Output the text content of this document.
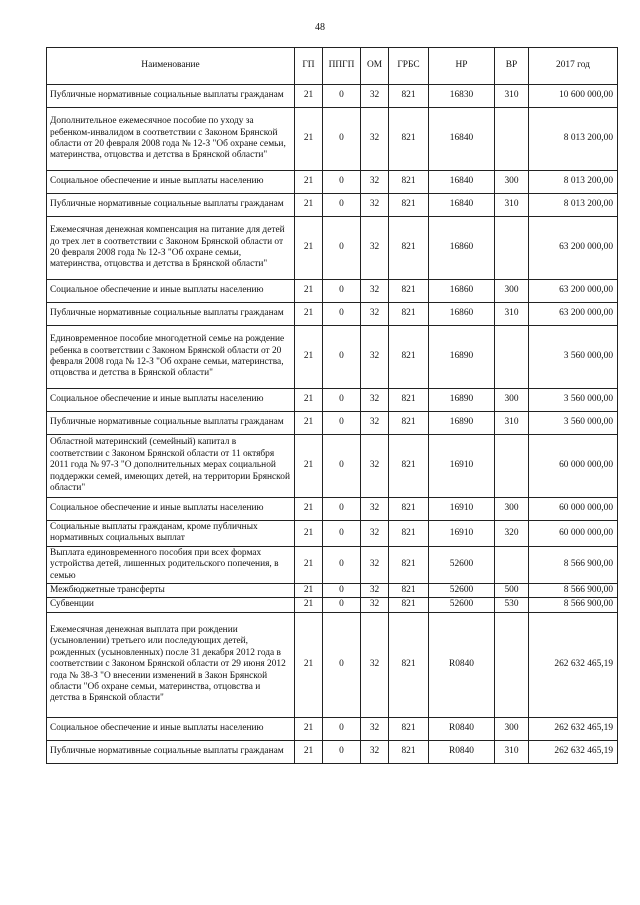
48
Наименование	ГП	ППГП	ОМ	ГРБС	НР	ВР	2017 год
Публичные нормативные социальные выплаты гражданам	21	0	32	821	16830	310	10 600 000,00
Дополнительное ежемесячное пособие по уходу за ребенком-инвалидом в соответствии с Законом Брянской области от 20 февраля 2008 года № 12-З "Об охране семьи, материнства, отцовства и детства в Брянской области"	21	0	32	821	16840		8 013 200,00
Социальное обеспечение и иные выплаты населению	21	0	32	821	16840	300	8 013 200,00
Публичные нормативные социальные выплаты гражданам	21	0	32	821	16840	310	8 013 200,00
Ежемесячная денежная компенсация на питание для детей до трех лет в соответствии с Законом Брянской области от 20 февраля 2008 года № 12-З "Об охране семьи, материнства, отцовства и детства в Брянской области"	21	0	32	821	16860		63 200 000,00
Социальное обеспечение и иные выплаты населению	21	0	32	821	16860	300	63 200 000,00
Публичные нормативные социальные выплаты гражданам	21	0	32	821	16860	310	63 200 000,00
Единовременное пособие многодетной семье на рождение ребенка в соответствии с Законом Брянской области от 20 февраля 2008 года № 12-З "Об охране семьи, материнства, отцовства и детства в Брянской области"	21	0	32	821	16890		3 560 000,00
Социальное обеспечение и иные выплаты населению	21	0	32	821	16890	300	3 560 000,00
Публичные нормативные социальные выплаты гражданам	21	0	32	821	16890	310	3 560 000,00
Областной материнский (семейный) капитал в соответствии с Законом Брянской области от 11 октября 2011 года № 97-З "О дополнительных мерах социальной поддержки семей, имеющих детей, на территории Брянской области"	21	0	32	821	16910		60 000 000,00
Социальное обеспечение и иные выплаты населению	21	0	32	821	16910	300	60 000 000,00
Социальные выплаты гражданам, кроме публичных нормативных социальных выплат	21	0	32	821	16910	320	60 000 000,00
Выплата единовременного пособия при всех формах устройства детей, лишенных родительского попечения, в семью	21	0	32	821	52600		8 566 900,00
Межбюджетные трансферты	21	0	32	821	52600	500	8 566 900,00
Субвенции	21	0	32	821	52600	530	8 566 900,00
Ежемесячная денежная выплата при рождении (усыновлении) третьего или последующих детей, рожденных (усыновленных) после 31 декабря 2012 года в соответствии с Законом Брянской области от 29 июня 2012 года № 38-З "О внесении изменений в Закон Брянской области "Об охране семьи, материнства, отцовства и детства в Брянской области"	21	0	32	821	R0840		262 632 465,19
Социальное обеспечение и иные выплаты населению	21	0	32	821	R0840	300	262 632 465,19
Публичные нормативные социальные выплаты гражданам	21	0	32	821	R0840	310	262 632 465,19
